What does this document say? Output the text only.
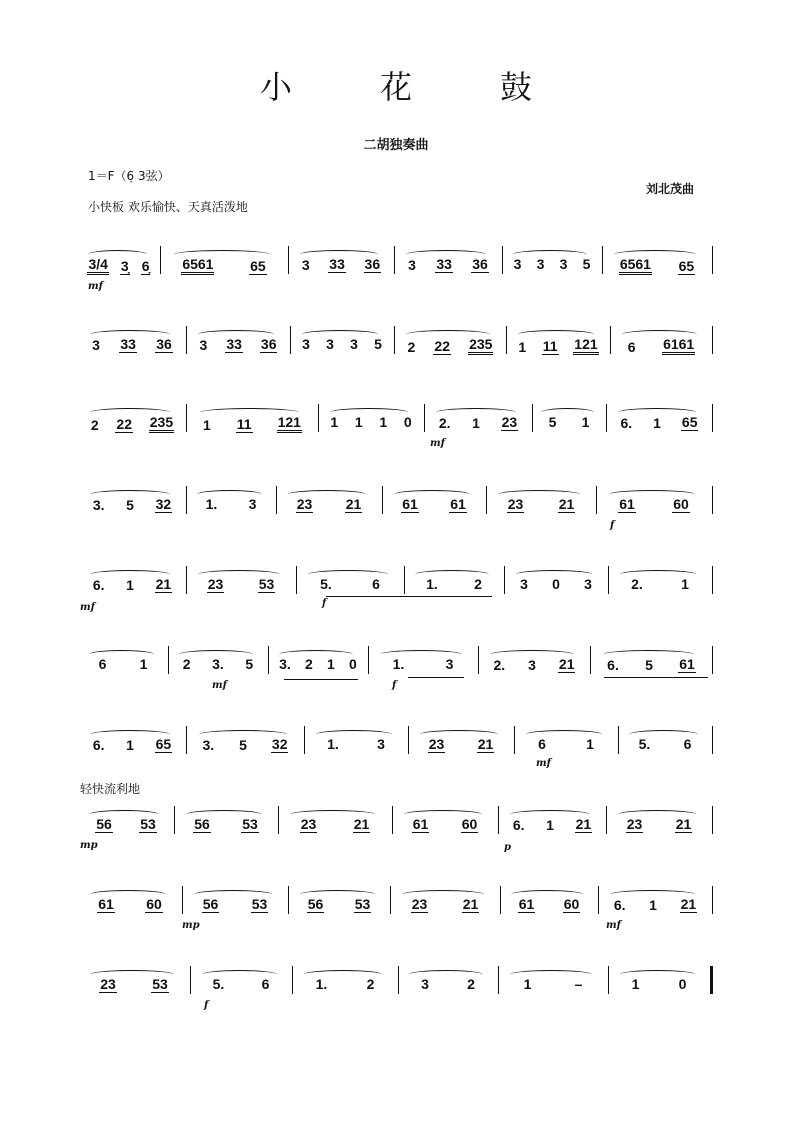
小	花	鼓
二胡独奏曲
1＝F（6̣ 3弦）
刘北茂曲
小快板 欢乐愉快、天真活泼地
轻快流利地
3/4 3̣ 6̣ 6561	65	3 33 36 3 33 36 3 3 3 5 6561 65
3 33 36 3 33 36 3 3 3 5 2 22 235 1 11 121 6 6161
2 22 235 1 11 121 1 1 1 0 2. 1 23 5 1 6. 1 65
3. 5 32 1. 3	23 21	61 61	23	21	61	60
6. 1 21	23	53	5.	6	1.	2	3 0 3	2.	1
6 1	2 3. 5 3. 2 1 0	1.	3	2. 3 21 6. 5 61
6. 1 65 3. 5 32	1.	3	23 21	6	1	5. 6
56 53	56 53	23	21	61 60	6. 1 21	23 21
61 60	56 53	56 53	23	21	61 60 6. 1 21
23	53	5.	6	1.	2	3	2	1	–	1	0
mf
mf
f
mf	f
mf	f
mf
mp	p
mp	mf
f
